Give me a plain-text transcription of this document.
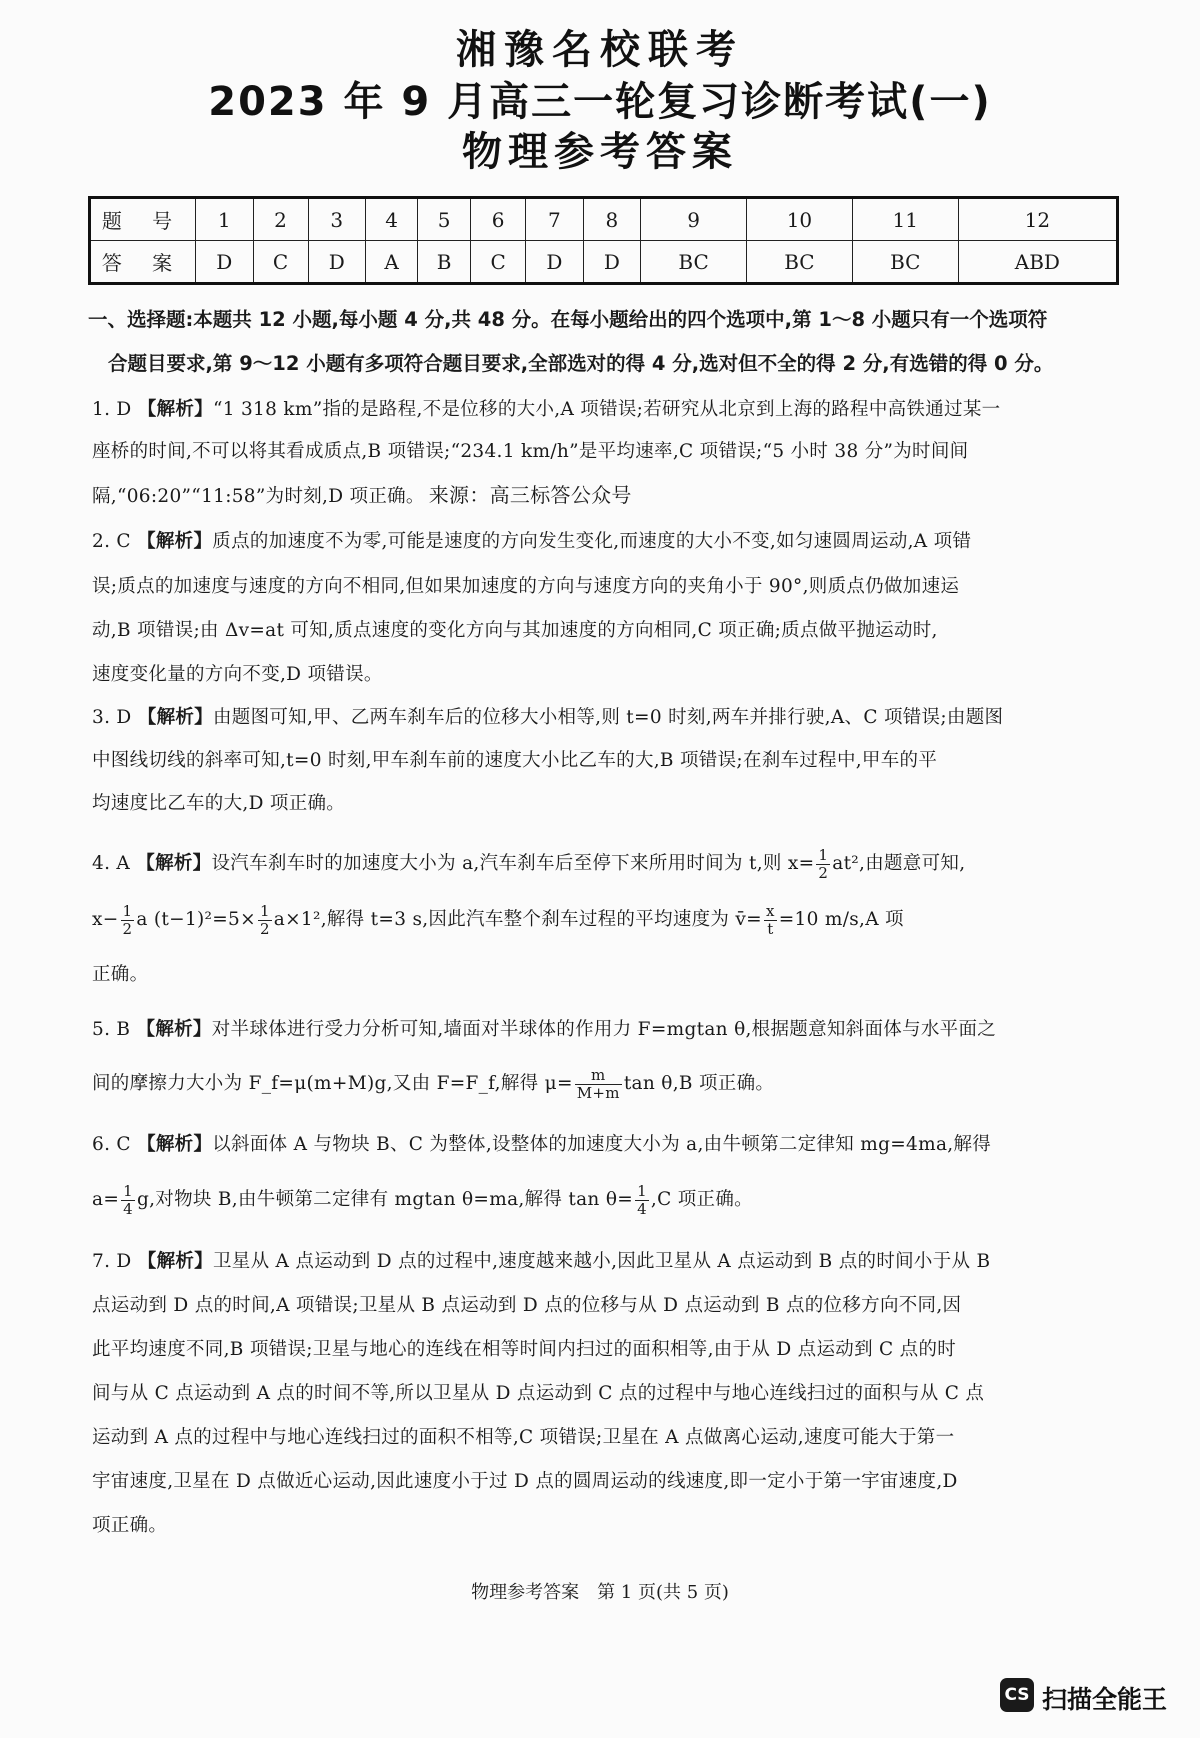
湘豫名校联考
2023 年 9 月高三一轮复习诊断考试(一)
物理参考答案
题 号	1	2	3	4	5	6	7	8	9	10	11	12
答 案	D	C	D	A	B	C	D	D	BC	BC	BC	ABD
一、选择题:本题共 12 小题,每小题 4 分,共 48 分。在每小题给出的四个选项中,第 1～8 小题只有一个选项符
合题目要求,第 9～12 小题有多项符合题目要求,全部选对的得 4 分,选对但不全的得 2 分,有选错的得 0 分。
1. D 【解析】“1 318 km”指的是路程,不是位移的大小,A 项错误;若研究从北京到上海的路程中高铁通过某一
座桥的时间,不可以将其看成质点,B 项错误;“234.1 km/h”是平均速率,C 项错误;“5 小时 38 分”为时间间
隔,“06:20”“11:58”为时刻,D 项正确。 来源：高三标答公众号
2. C 【解析】质点的加速度不为零,可能是速度的方向发生变化,而速度的大小不变,如匀速圆周运动,A 项错
误;质点的加速度与速度的方向不相同,但如果加速度的方向与速度方向的夹角小于 90°,则质点仍做加速运
动,B 项错误;由 Δv=at 可知,质点速度的变化方向与其加速度的方向相同,C 项正确;质点做平抛运动时,
速度变化量的方向不变,D 项错误。
3. D 【解析】由题图可知,甲、乙两车刹车后的位移大小相等,则 t=0 时刻,两车并排行驶,A、C 项错误;由题图
中图线切线的斜率可知,t=0 时刻,甲车刹车前的速度大小比乙车的大,B 项错误;在刹车过程中,甲车的平
均速度比乙车的大,D 项正确。
4. A 【解析】设汽车刹车时的加速度大小为 a,汽车刹车后至停下来所用时间为 t,则 $x= \frac{1}{2} at^2$,由题意可知,
$x- \frac{1}{2}$ a $(t-1)^2=5\times \frac{1}{2} a\times 1^2$,解得 t=3 s,因此汽车整个刹车过程的平均速度为 v̄= $\frac{x}{t} =10$ m/s,A 项
正确。
5. B 【解析】对半球体进行受力分析可知,墙面对半球体的作用力 F=mgtan θ,根据题意知斜面体与水平面之
间的摩擦力大小为 F_f=μ(m+M)g,又由 F=F_f,解得 $\mu= \frac{m}{M+m}$ tan θ,B 项正确。
6. C 【解析】以斜面体 A 与物块 B、C 为整体,设整体的加速度大小为 a,由牛顿第二定律知 mg=4ma,解得
$a= \frac{1}{4} g$,对物块 B,由牛顿第二定律有 mgtan θ=ma,解得 $\tan \theta= \frac{1}{4} ,C$ 项正确。
7. D 【解析】卫星从 A 点运动到 D 点的过程中,速度越来越小,因此卫星从 A 点运动到 B 点的时间小于从 B
点运动到 D 点的时间,A 项错误;卫星从 B 点运动到 D 点的位移与从 D 点运动到 B 点的位移方向不同,因
此平均速度不同,B 项错误;卫星与地心的连线在相等时间内扫过的面积相等,由于从 D 点运动到 C 点的时
间与从 C 点运动到 A 点的时间不等,所以卫星从 D 点运动到 C 点的过程中与地心连线扫过的面积与从 C 点
运动到 A 点的过程中与地心连线扫过的面积不相等,C 项错误;卫星在 A 点做离心运动,速度可能大于第一
宇宙速度,卫星在 D 点做近心运动,因此速度小于过 D 点的圆周运动的线速度,即一定小于第一宇宙速度,D
项正确。
物理参考答案　第 1 页(共 5 页)
CS 扫描全能王
